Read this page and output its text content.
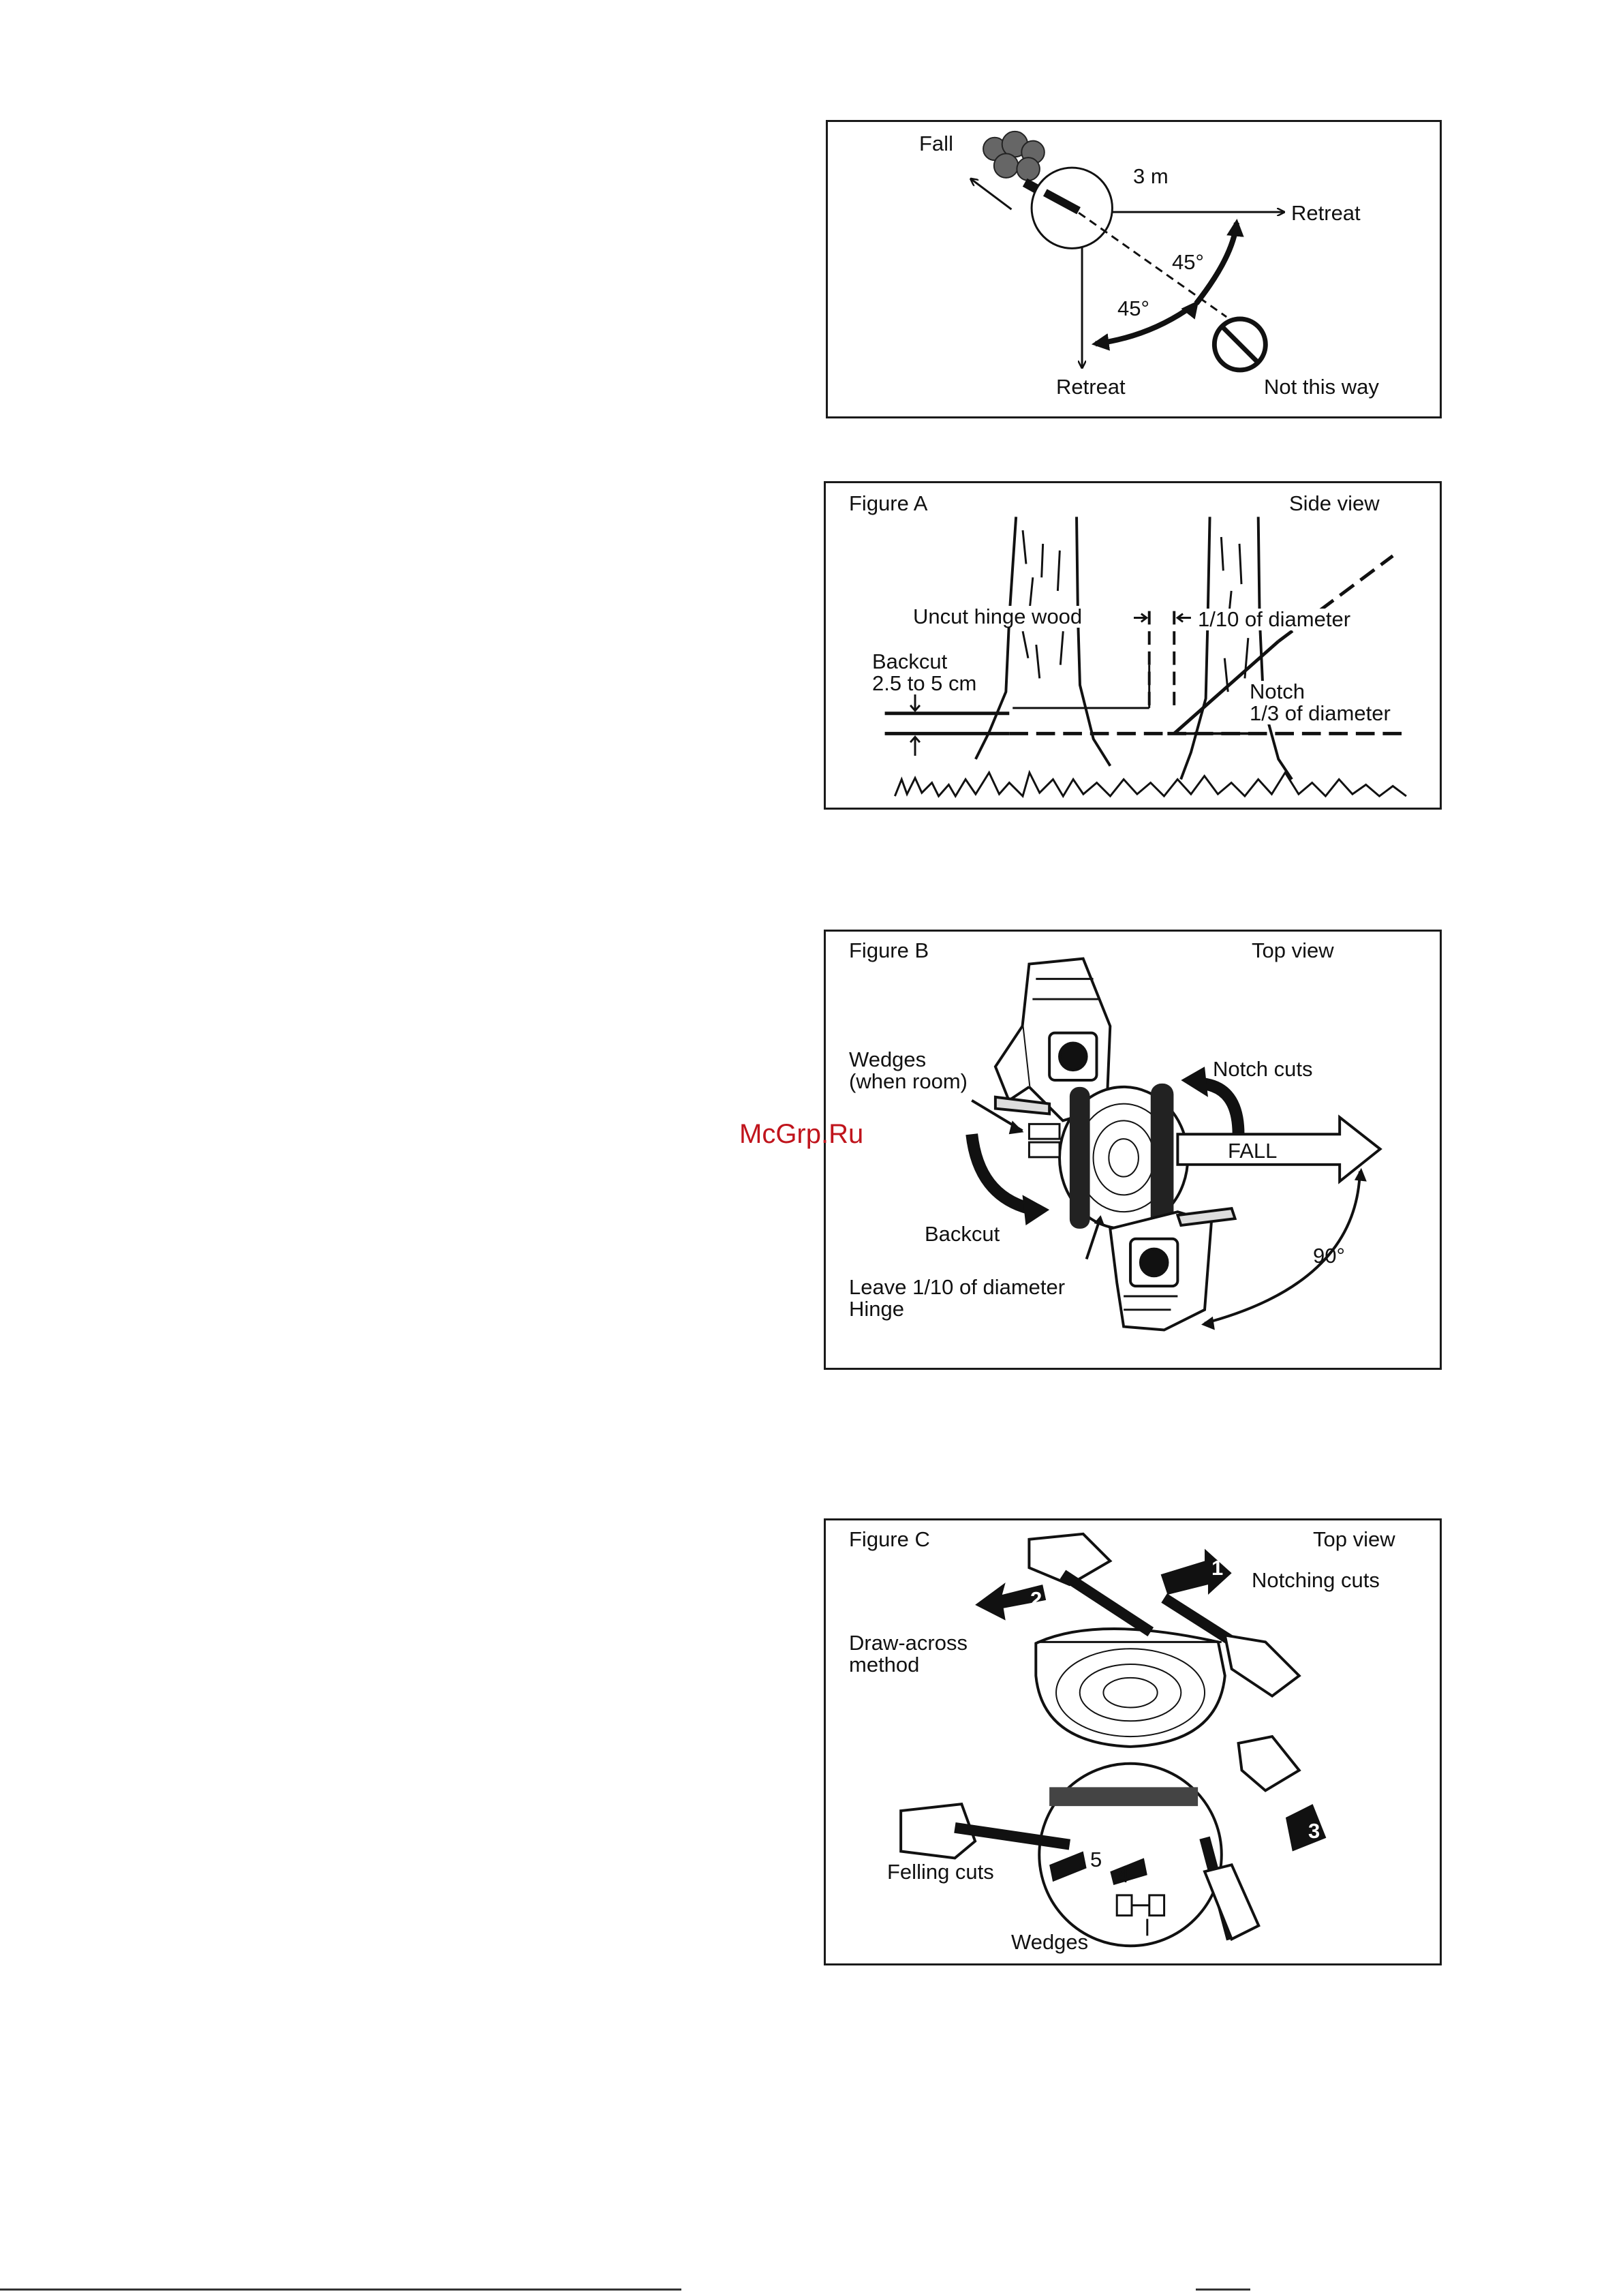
Fall
3 m
Retreat
45°
45°
Retreat	Not this way
Figure A	Side view
Uncut hinge wood	1/10 of diameter
Backcut
2.5 to 5 cm	Notch
1/3 of diameter
Figure B	Top view
Wedges
(when room)
Notch cuts
FALL
Backcut
90°
Leave 1/10 of diameter
Hinge
Figure C	Top view
Notching cuts
Draw-across
method
Felling cuts
Wedges
1
2
3
4
5
McGrp.Ru
